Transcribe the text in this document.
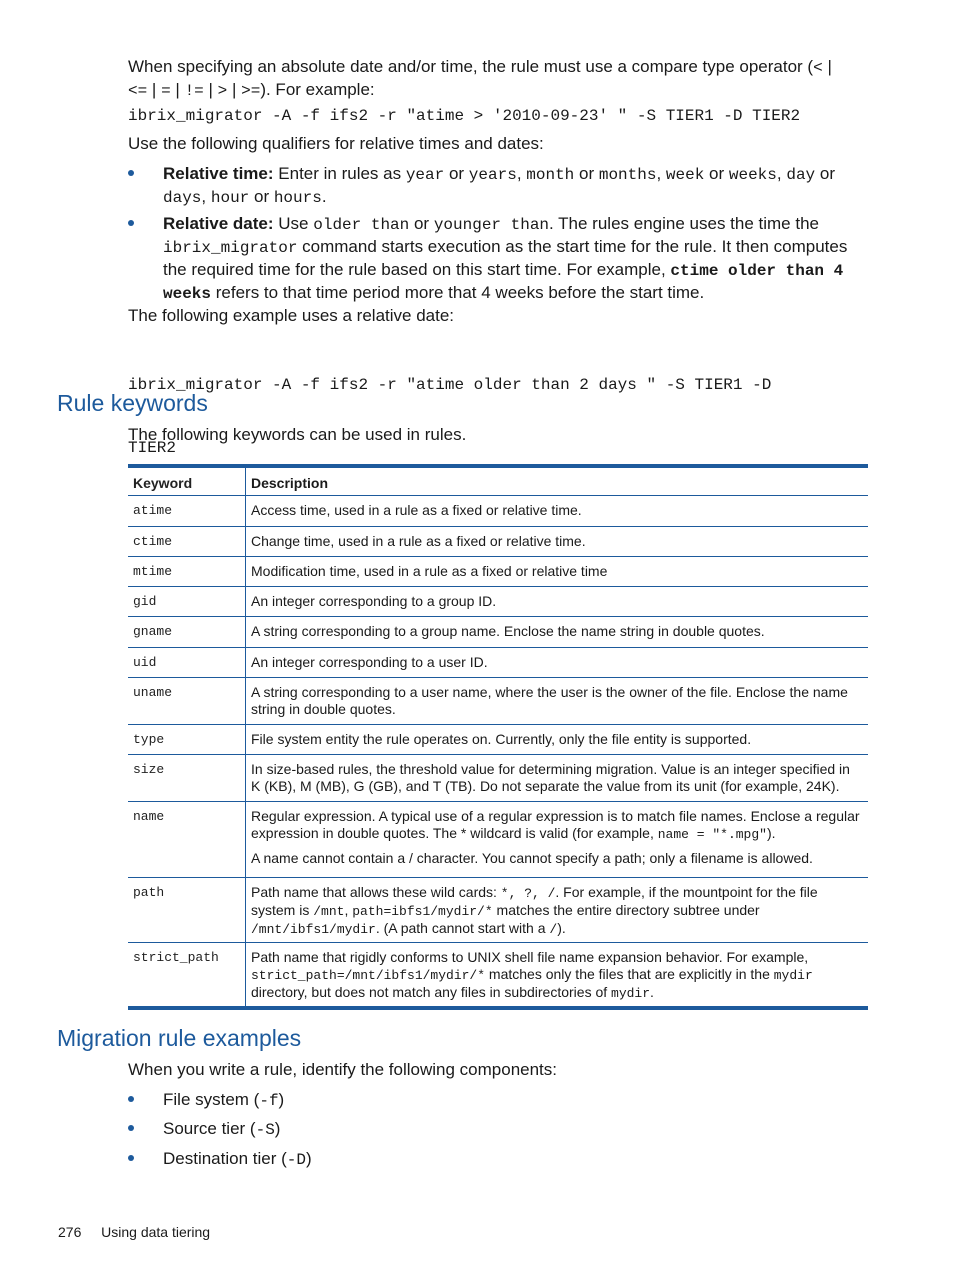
When specifying an absolute date and/or time, the rule must use a compare type operator (< |
<= | = | != | > | >=). For example:
ibrix_migrator -A -f ifs2 -r "atime > '2010-09-23' " -S TIER1 -D TIER2
Use the following qualifiers for relative times and dates:
Relative time: Enter in rules as year or years, month or months, week or weeks, day or
days, hour or hours.
Relative date: Use older than or younger than. The rules engine uses the time the
ibrix_migrator command starts execution as the start time for the rule. It then computes
the required time for the rule based on this start time. For example, ctime older than 4
weeks refers to that time period more that 4 weeks before the start time.
The following example uses a relative date:

ibrix_migrator -A -f ifs2 -r "atime older than 2 days " -S TIER1 -D

TIER2

Rule keywords
The following keywords can be used in rules.
Keyword	Description
atime	Access time, used in a rule as a fixed or relative time.
ctime	Change time, used in a rule as a fixed or relative time.
mtime	Modification time, used in a rule as a fixed or relative time
gid	An integer corresponding to a group ID.
gname	A string corresponding to a group name. Enclose the name string in double quotes.
uid	An integer corresponding to a user ID.
uname	A string corresponding to a user name, where the user is the owner of the file. Enclose the name string in double quotes.
type	File system entity the rule operates on. Currently, only the file entity is supported.
size	In size-based rules, the threshold value for determining migration. Value is an integer specified in K (KB), M (MB), G (GB), and T (TB). Do not separate the value from its unit (for example, 24K).
name	Regular expression. A typical use of a regular expression is to match file names. Enclose a regular expression in double quotes. The * wildcard is valid (for example, name = "*.mpg").
A name cannot contain a / character. You cannot specify a path; only a filename is allowed.
path	Path name that allows these wild cards: *, ?, /. For example, if the mountpoint for the file system is /mnt, path=ibfs1/mydir/* matches the entire directory subtree under /mnt/ibfs1/mydir. (A path cannot start with a /).
strict_path	Path name that rigidly conforms to UNIX shell file name expansion behavior. For example, strict_path=/mnt/ibfs1/mydir/* matches only the files that are explicitly in the mydir directory, but does not match any files in subdirectories of mydir.
Migration rule examples
When you write a rule, identify the following components:
File system (-f)
Source tier (-S)
Destination tier (-D)
276 Using data tiering
